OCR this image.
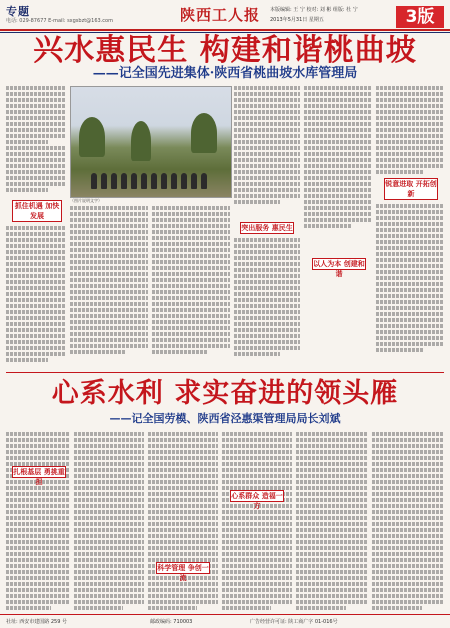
专题
电话: 029-87677 E-mail: sxgsbzt@163.com	陕西工人报 本版编辑: 王 宁 校对: 刘 彬 组版: 杜 宁
2013年5月31日 星期五	3版
兴水惠民生 构建和谐桃曲坡
——记全国先进集体·陕西省桃曲坡水库管理局
抓住机遇 加快发展
（图片说明文字）
突出服务 惠民生
以人为本 创建和谐
锐意进取 开拓创新
心系水利 求实奋进的领头雁
——记全国劳模、陕西省泾惠渠管理局局长刘斌
扎根基层 勇挑重担
科学管理 争创一流
心系群众 造福一方
社址: 西安市建国路 259 号	邮政编码: 710003	广告经营许可证: 陕工商广字 01-016号
